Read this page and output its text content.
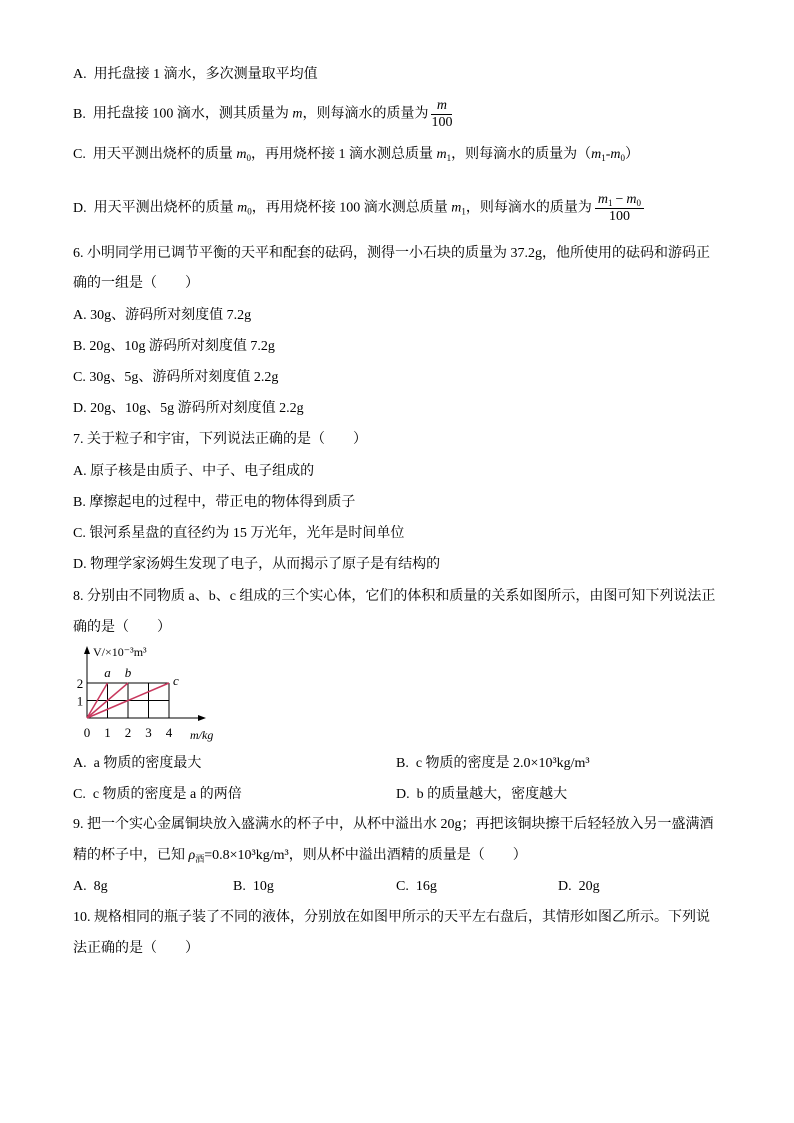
A. 用托盘接 1 滴水，多次测量取平均值
B. 用托盘接 100 滴水，测其质量为 m，则每滴水的质量为 $\frac{m}{100}$
C. 用天平测出烧杯的质量 $m_0$，再用烧杯接 1 滴水测总质量 $m_1$，则每滴水的质量为$(m_1-m_0)$
D. 用天平测出烧杯的质量 $m_0$，再用烧杯接 100 滴水测总质量 $m_1$，则每滴水的质量为 $\frac{m_1 - m_0}{100}$
6. 小明同学用已调节平衡的天平和配套的砝码，测得一小石块的质量为 37.2g，他所使用的砝码和游码正
确的一组是（　　）
A. 30g、游码所对刻度值 7.2g
B. 20g、10g 游码所对刻度值 7.2g
C. 30g、5g、游码所对刻度值 2.2g
D. 20g、10g、5g 游码所对刻度值 2.2g
7. 关于粒子和宇宙，下列说法正确的是（　　）
A. 原子核是由质子、中子、电子组成的
B. 摩擦起电的过程中，带正电的物体得到质子
C. 银河系星盘的直径约为 15 万光年，光年是时间单位
D. 物理学家汤姆生发现了电子，从而揭示了原子是有结构的
8. 分别由不同物质 a、b、c 组成的三个实心体，它们的体积和质量的关系如图所示，由图可知下列说法正
确的是（　　）
V/×10⁻³m³
m/kg
0 1 2 3 4
1
2
a b
c
A. a 物质的密度最大	B. c 物质的密度是 2.0×10³kg/m³
C. c 物质的密度是 a 的两倍	D. b 的质量越大，密度越大
9. 把一个实心金属铜块放入盛满水的杯子中，从杯中溢出水 20g；再把该铜块擦干后轻轻放入另一盛满酒
精的杯子中，已知 $\rho_酒=0.8\times 10^3kg/m^3$，则从杯中溢出酒精的质量是（　　）
A. 8g	B. 10g	C. 16g	D. 20g
10. 规格相同的瓶子装了不同的液体，分别放在如图甲所示的天平左右盘后，其情形如图乙所示。下列说
法正确的是（　　）
